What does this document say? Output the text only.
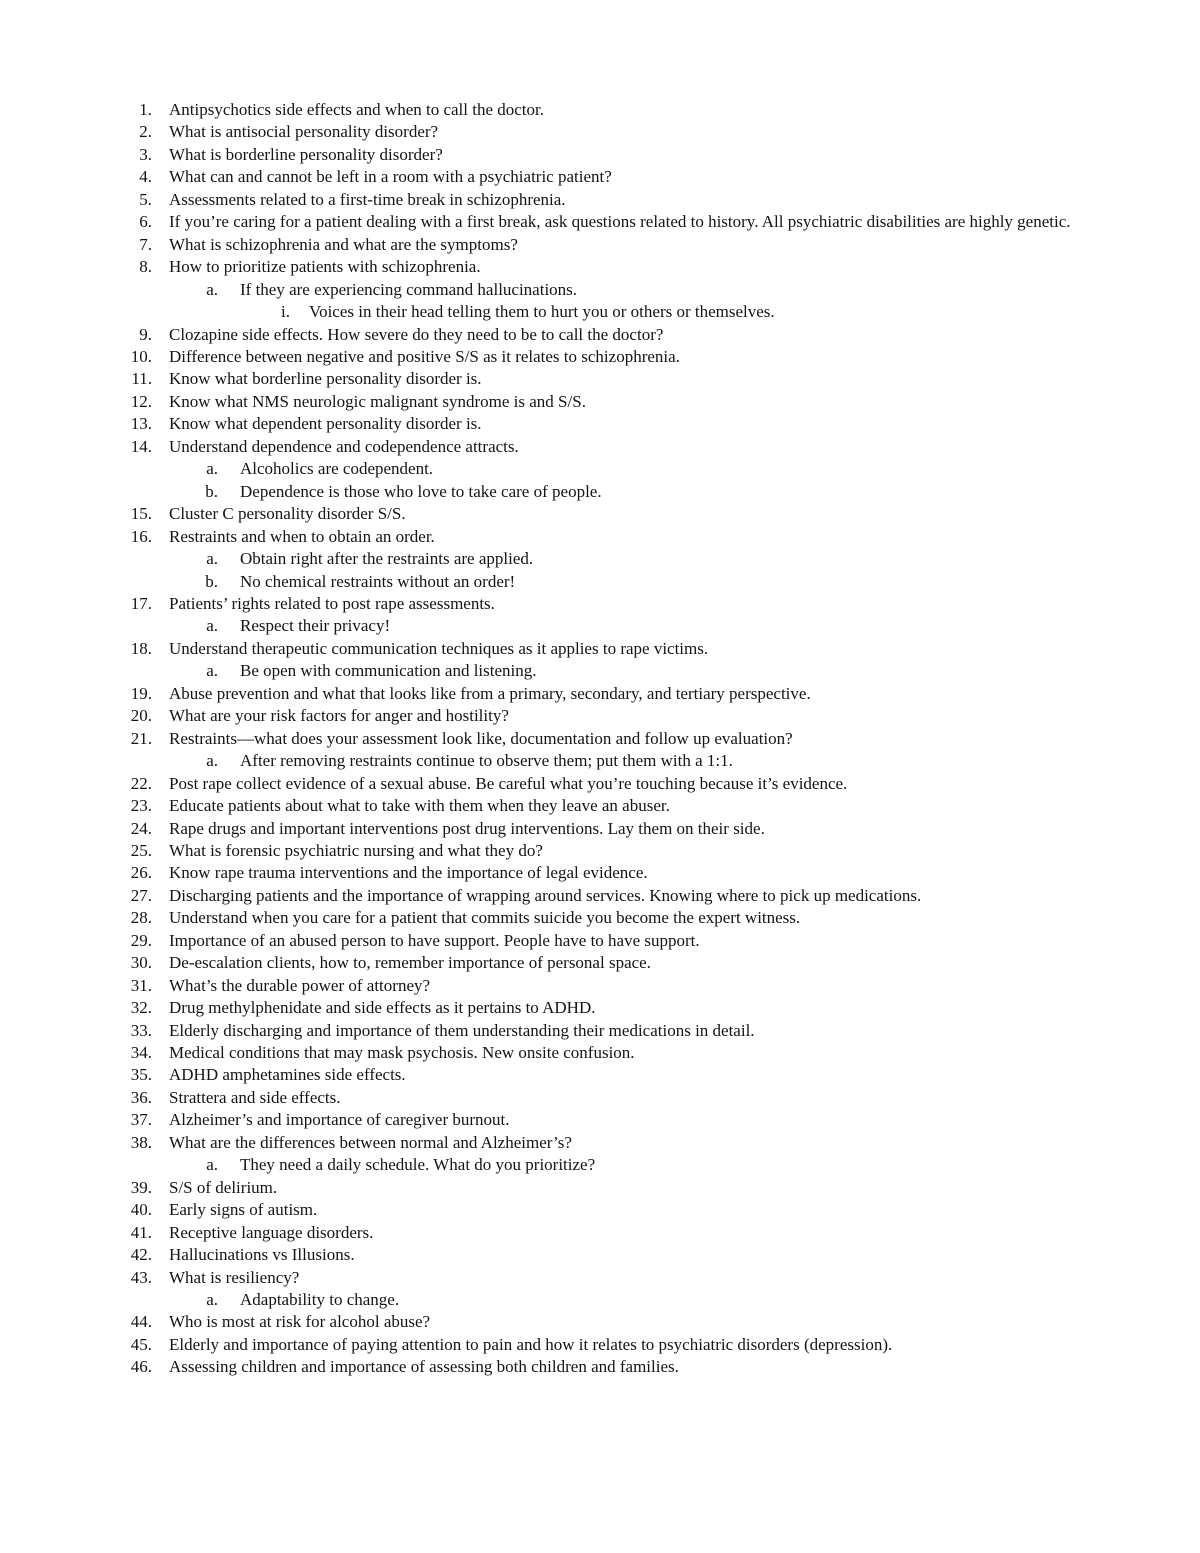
1. Antipsychotics side effects and when to call the doctor.
2. What is antisocial personality disorder?
3. What is borderline personality disorder?
4. What can and cannot be left in a room with a psychiatric patient?
5. Assessments related to a first-time break in schizophrenia.
6. If you’re caring for a patient dealing with a first break, ask questions related to history. All psychiatric disabilities are highly genetic.
7. What is schizophrenia and what are the symptoms?
8. How to prioritize patients with schizophrenia.
a. If they are experiencing command hallucinations.
i. Voices in their head telling them to hurt you or others or themselves.
9. Clozapine side effects. How severe do they need to be to call the doctor?
10. Difference between negative and positive S/S as it relates to schizophrenia.
11. Know what borderline personality disorder is.
12. Know what NMS neurologic malignant syndrome is and S/S.
13. Know what dependent personality disorder is.
14. Understand dependence and codependence attracts.
a. Alcoholics are codependent.
b. Dependence is those who love to take care of people.
15. Cluster C personality disorder S/S.
16. Restraints and when to obtain an order.
a. Obtain right after the restraints are applied.
b. No chemical restraints without an order!
17. Patients’ rights related to post rape assessments.
a. Respect their privacy!
18. Understand therapeutic communication techniques as it applies to rape victims.
a. Be open with communication and listening.
19. Abuse prevention and what that looks like from a primary, secondary, and tertiary perspective.
20. What are your risk factors for anger and hostility?
21. Restraints—what does your assessment look like, documentation and follow up evaluation?
a. After removing restraints continue to observe them; put them with a 1:1.
22. Post rape collect evidence of a sexual abuse. Be careful what you’re touching because it’s evidence.
23. Educate patients about what to take with them when they leave an abuser.
24. Rape drugs and important interventions post drug interventions. Lay them on their side.
25. What is forensic psychiatric nursing and what they do?
26. Know rape trauma interventions and the importance of legal evidence.
27. Discharging patients and the importance of wrapping around services. Knowing where to pick up medications.
28. Understand when you care for a patient that commits suicide you become the expert witness.
29. Importance of an abused person to have support. People have to have support.
30. De-escalation clients, how to, remember importance of personal space.
31. What’s the durable power of attorney?
32. Drug methylphenidate and side effects as it pertains to ADHD.
33. Elderly discharging and importance of them understanding their medications in detail.
34. Medical conditions that may mask psychosis. New onsite confusion.
35. ADHD amphetamines side effects.
36. Strattera and side effects.
37. Alzheimer’s and importance of caregiver burnout.
38. What are the differences between normal and Alzheimer’s?
a. They need a daily schedule. What do you prioritize?
39. S/S of delirium.
40. Early signs of autism.
41. Receptive language disorders.
42. Hallucinations vs Illusions.
43. What is resiliency?
a. Adaptability to change.
44. Who is most at risk for alcohol abuse?
45. Elderly and importance of paying attention to pain and how it relates to psychiatric disorders (depression).
46. Assessing children and importance of assessing both children and families.
